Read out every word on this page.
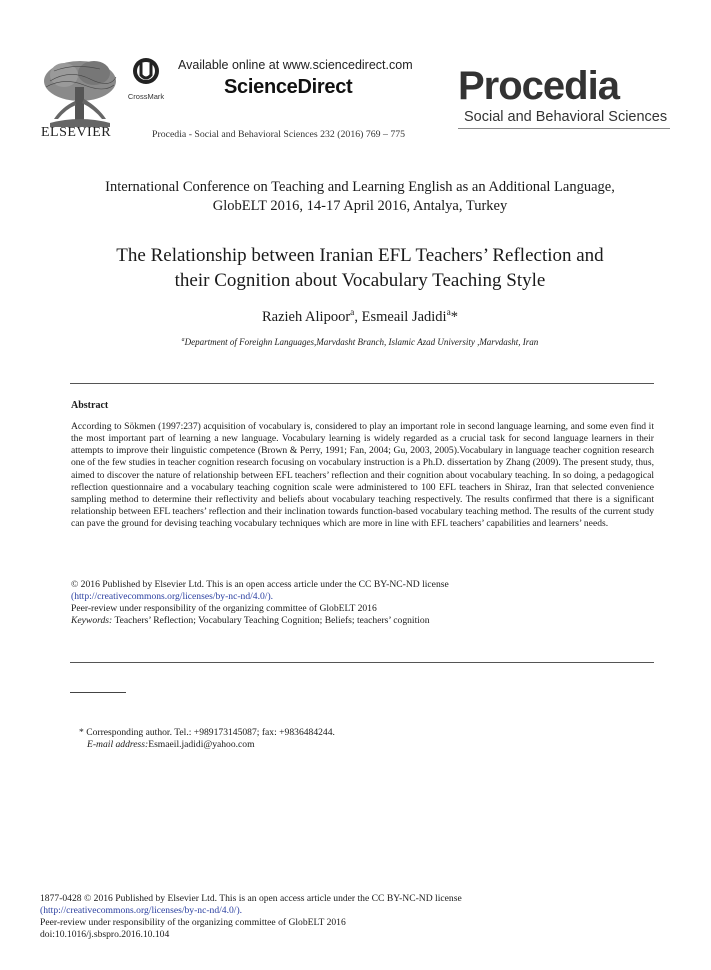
ELSEVIER
CrossMark
Available online at www.sciencedirect.com
ScienceDirect
Procedia - Social and Behavioral Sciences 232 (2016) 769 – 775
Procedia
Social and Behavioral Sciences
International Conference on Teaching and Learning English as an Additional Language,
GlobELT 2016, 14-17 April 2016, Antalya, Turkey
The Relationship between Iranian EFL Teachers’ Reflection and
their Cognition about Vocabulary Teaching Style
Razieh Alipoor$^a$, Esmeail Jadidi$^a$*
$^a$Department of Foreighn Languages,Marvdasht Branch, Islamic Azad University ,Marvdasht, Iran
Abstract
According to Sökmen (1997:237) acquisition of vocabulary is, considered to play an important role in second language learning, and some even find it the most important part of learning a new language. Vocabulary learning is widely regarded as a crucial task for second language learners in their attempts to improve their linguistic competence (Brown & Perry, 1991; Fan, 2004; Gu, 2003, 2005).Vocabulary in language teacher cognition research one of the few studies in teacher cognition research focusing on vocabulary instruction is a Ph.D. dissertation by Zhang (2009). The present study, thus, aimed to discover the nature of relationship between EFL teachers’ reflection and their cognition about vocabulary teaching. In so doing, a pedagogical reflection questionnaire and a vocabulary teaching cognition scale were administered to 100 EFL teachers in Shiraz, Iran that selected convenience sampling method to determine their reflectivity and beliefs about vocabulary teaching respectively. The results confirmed that there is a significant relationship between EFL teachers’ reflection and their inclination towards function-based vocabulary teaching method. The results of the current study can pave the ground for devising teaching vocabulary techniques which are more in line with EFL teachers’ capabilities and learners’ needs.
© 2016 Published by Elsevier Ltd. This is an open access article under the CC BY-NC-ND license
(http://creativecommons.org/licenses/by-nc-nd/4.0/).
Peer-review under responsibility of the organizing committee of GlobELT 2016
Keywords: Teachers’ Reflection; Vocabulary Teaching Cognition; Beliefs; teachers’ cognition
* Corresponding author. Tel.: +989173145087; fax: +9836484244.
E-mail address:Esmaeil.jadidi@yahoo.com
1877-0428 © 2016 Published by Elsevier Ltd. This is an open access article under the CC BY-NC-ND license
(http://creativecommons.org/licenses/by-nc-nd/4.0/).
Peer-review under responsibility of the organizing committee of GlobELT 2016
doi:10.1016/j.sbspro.2016.10.104
